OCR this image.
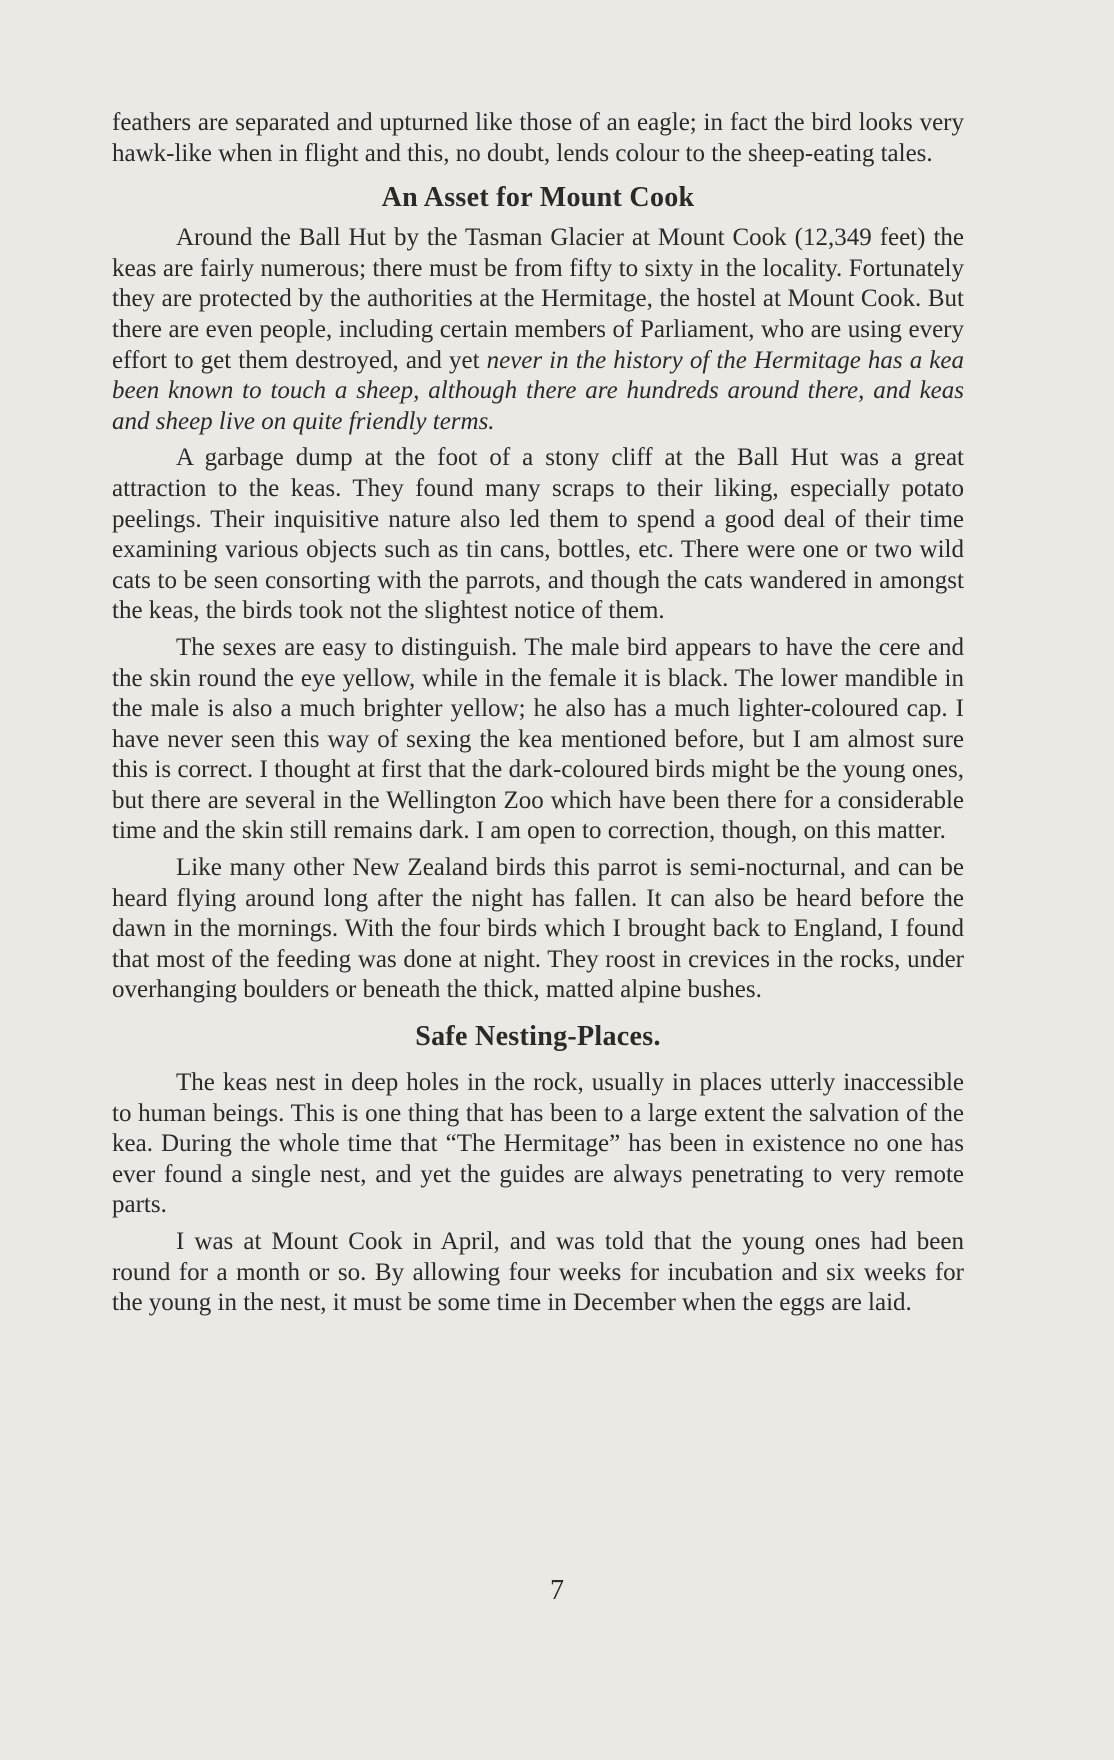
feathers are separated and upturned like those of an eagle; in fact the bird looks very hawk-like when in flight and this, no doubt, lends colour to the sheep-eating tales.

An Asset for Mount Cook

Around the Ball Hut by the Tasman Glacier at Mount Cook (12,349 feet) the keas are fairly numerous; there must be from fifty to sixty in the locality. Fortunately they are protected by the authorities at the Hermitage, the hostel at Mount Cook. But there are even people, including certain members of Parliament, who are using every effort to get them destroyed, and yet never in the history of the Hermitage has a kea been known to touch a sheep, although there are hundreds around there, and keas and sheep live on quite friendly terms.

A garbage dump at the foot of a stony cliff at the Ball Hut was a great attraction to the keas. They found many scraps to their liking, especially potato peelings. Their inquisitive nature also led them to spend a good deal of their time examining various objects such as tin cans, bottles, etc. There were one or two wild cats to be seen consorting with the parrots, and though the cats wandered in amongst the keas, the birds took not the slightest notice of them.

The sexes are easy to distinguish. The male bird appears to have the cere and the skin round the eye yellow, while in the female it is black. The lower mandible in the male is also a much brighter yellow; he also has a much lighter-coloured cap. I have never seen this way of sexing the kea mentioned before, but I am almost sure this is correct. I thought at first that the dark-coloured birds might be the young ones, but there are several in the Wellington Zoo which have been there for a considerable time and the skin still remains dark. I am open to correction, though, on this matter.

Like many other New Zealand birds this parrot is semi-nocturnal, and can be heard flying around long after the night has fallen. It can also be heard before the dawn in the mornings. With the four birds which I brought back to England, I found that most of the feeding was done at night. They roost in crevices in the rocks, under overhanging boulders or beneath the thick, matted alpine bushes.

Safe Nesting-Places.

The keas nest in deep holes in the rock, usually in places utterly inaccessible to human beings. This is one thing that has been to a large extent the salvation of the kea. During the whole time that “The Hermitage” has been in existence no one has ever found a single nest, and yet the guides are always penetrating to very remote parts.

I was at Mount Cook in April, and was told that the young ones had been round for a month or so. By allowing four weeks for incubation and six weeks for the young in the nest, it must be some time in December when the eggs are laid.

7
